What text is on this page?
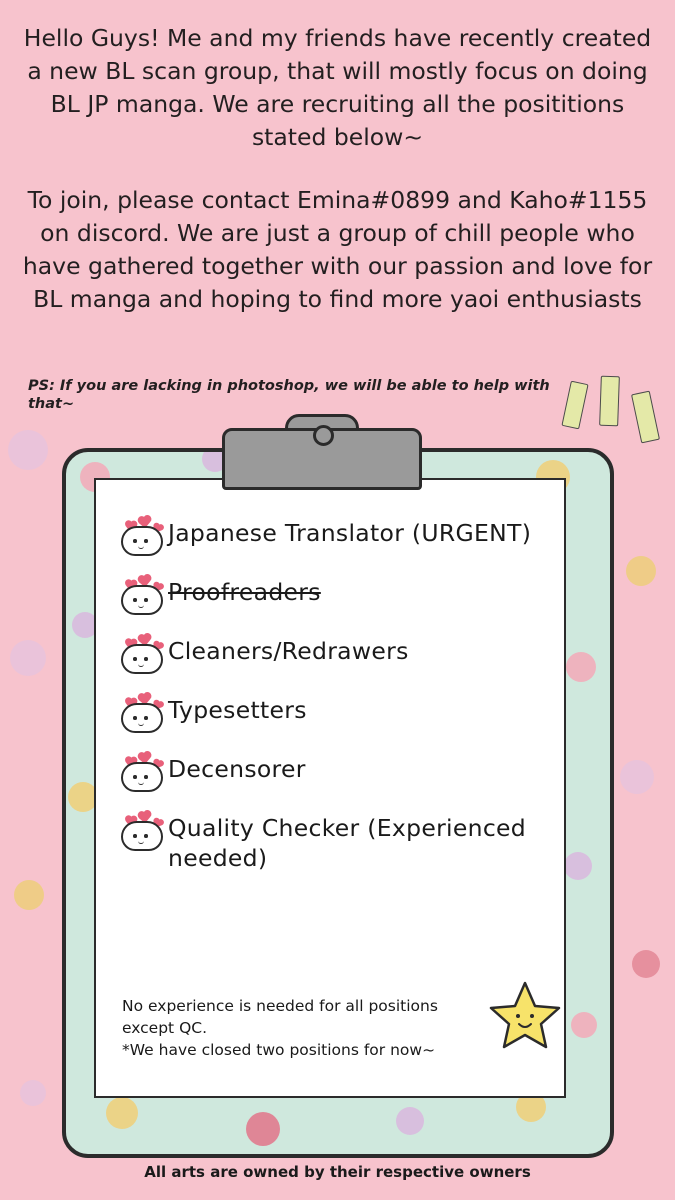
Hello Guys! Me and my friends have recently created a new BL scan group, that will mostly focus on doing BL JP manga. We are recruiting all the posititions stated below~

To join, please contact Emina#0899 and Kaho#1155 on discord. We are just a group of chill people who have gathered together with our passion and love for BL manga and hoping to find more yaoi enthusiasts

PS: If you are lacking in photoshop, we will be able to help with that~
Japanese Translator (URGENT)
Proofreaders
Cleaners/Redrawers
Typesetters
Decensorer
Quality Checker (Experienced needed)
No experience is needed for all positions
except QC.
*We have closed two positions for now~
All arts are owned by their respective owners
